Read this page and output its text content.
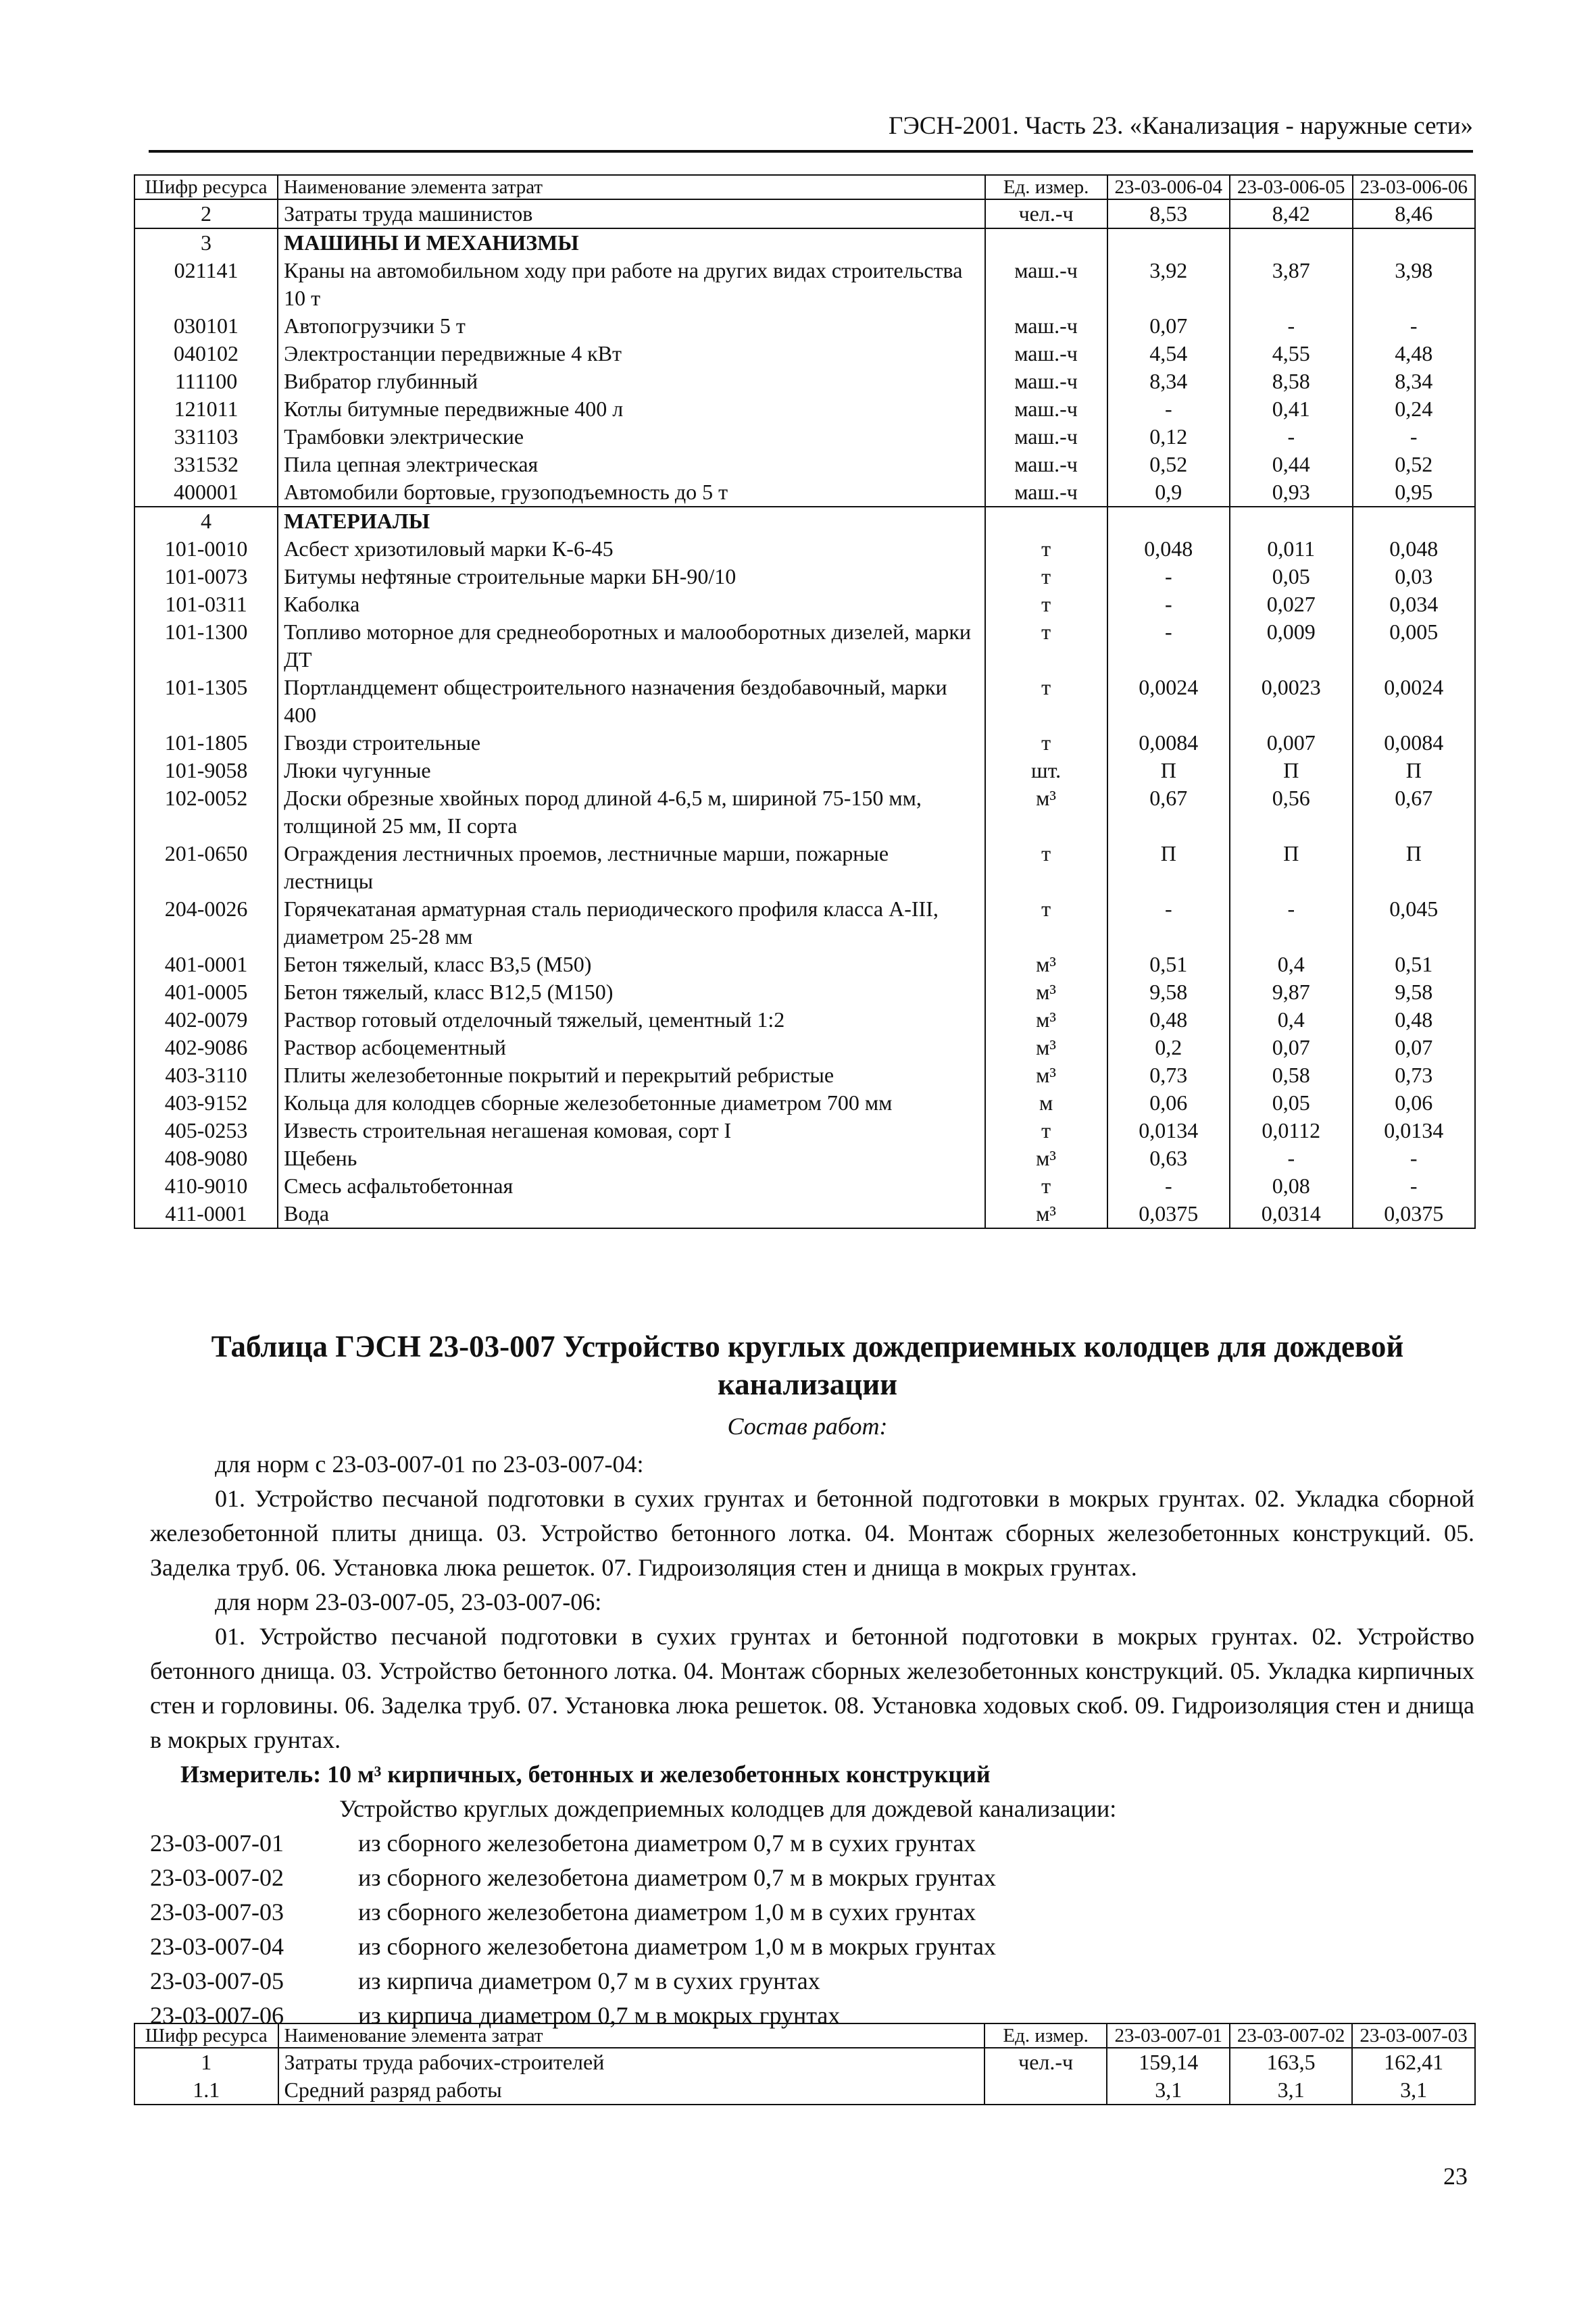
ГЭСН-2001. Часть 23. «Канализация - наружные сети»
Шифр ресурса	Наименование элемента затрат	Ед. измер.	23-03-006-04	23-03-006-05	23-03-006-06
2	Затраты труда машинистов	чел.-ч	8,53	8,42	8,46
3	МАШИНЫ И МЕХАНИЗМЫ				
021141	Краны на автомобильном ходу при работе на других видах строительства 10 т	маш.-ч	3,92	3,87	3,98
030101	Автопогрузчики 5 т	маш.-ч	0,07	-	-
040102	Электростанции передвижные 4 кВт	маш.-ч	4,54	4,55	4,48
111100	Вибратор глубинный	маш.-ч	8,34	8,58	8,34
121011	Котлы битумные передвижные 400 л	маш.-ч	-	0,41	0,24
331103	Трамбовки электрические	маш.-ч	0,12	-	-
331532	Пила цепная электрическая	маш.-ч	0,52	0,44	0,52
400001	Автомобили бортовые, грузоподъемность до 5 т	маш.-ч	0,9	0,93	0,95
4	МАТЕРИАЛЫ				
101-0010	Асбест хризотиловый марки К-6-45	т	0,048	0,011	0,048
101-0073	Битумы нефтяные строительные марки БН-90/10	т	-	0,05	0,03
101-0311	Каболка	т	-	0,027	0,034
101-1300	Топливо моторное для среднеоборотных и малооборотных дизелей, марки ДТ	т	-	0,009	0,005
101-1305	Портландцемент общестроительного назначения бездобавочный, марки 400	т	0,0024	0,0023	0,0024
101-1805	Гвозди строительные	т	0,0084	0,007	0,0084
101-9058	Люки чугунные	шт.	П	П	П
102-0052	Доски обрезные хвойных пород длиной 4-6,5 м, шириной 75-150 мм, толщиной 25 мм, II сорта	м³	0,67	0,56	0,67
201-0650	Ограждения лестничных проемов, лестничные марши, пожарные лестницы	т	П	П	П
204-0026	Горячекатаная арматурная сталь периодического профиля класса А-III, диаметром 25-28 мм	т	-	-	0,045
401-0001	Бетон тяжелый, класс В3,5 (М50)	м³	0,51	0,4	0,51
401-0005	Бетон тяжелый, класс В12,5 (М150)	м³	9,58	9,87	9,58
402-0079	Раствор готовый отделочный тяжелый, цементный 1:2	м³	0,48	0,4	0,48
402-9086	Раствор асбоцементный	м³	0,2	0,07	0,07
403-3110	Плиты железобетонные покрытий и перекрытий ребристые	м³	0,73	0,58	0,73
403-9152	Кольца для колодцев сборные железобетонные диаметром 700 мм	м	0,06	0,05	0,06
405-0253	Известь строительная негашеная комовая, сорт I	т	0,0134	0,0112	0,0134
408-9080	Щебень	м³	0,63	-	-
410-9010	Смесь асфальтобетонная	т	-	0,08	-
411-0001	Вода	м³	0,0375	0,0314	0,0375
Таблица ГЭСН 23-03-007 Устройство круглых дождеприемных колодцев для дождевой канализации
Состав работ:

для норм с 23-03-007-01 по 23-03-007-04:

01. Устройство песчаной подготовки в сухих грунтах и бетонной подготовки в мокрых грунтах. 02. Укладка сборной железобетонной плиты днища. 03. Устройство бетонного лотка. 04. Монтаж сборных железобетонных конструкций. 05. Заделка труб. 06. Установка люка решеток. 07. Гидроизоляция стен и днища в мокрых грунтах.

для норм 23-03-007-05, 23-03-007-06:

01. Устройство песчаной подготовки в сухих грунтах и бетонной подготовки в мокрых грунтах. 02. Устройство бетонного днища. 03. Устройство бетонного лотка. 04. Монтаж сборных железобетонных конструкций. 05. Укладка кирпичных стен и горловины. 06. Заделка труб. 07. Установка люка решеток. 08. Установка ходовых скоб. 09. Гидроизоляция стен и днища в мокрых грунтах.

Измеритель: 10 м³ кирпичных, бетонных и железобетонных конструкций

Устройство круглых дождеприемных колодцев для дождевой канализации:

23-03-007-01	из сборного железобетона диаметром 0,7 м в сухих грунтах
23-03-007-02	из сборного железобетона диаметром 0,7 м в мокрых грунтах
23-03-007-03	из сборного железобетона диаметром 1,0 м в сухих грунтах
23-03-007-04	из сборного железобетона диаметром 1,0 м в мокрых грунтах
23-03-007-05	из кирпича диаметром 0,7 м в сухих грунтах
23-03-007-06	из кирпича диаметром 0,7 м в мокрых грунтах
Шифр ресурса	Наименование элемента затрат	Ед. измер.	23-03-007-01	23-03-007-02	23-03-007-03
1	Затраты труда рабочих-строителей	чел.-ч	159,14	163,5	162,41
1.1	Средний разряд работы		3,1	3,1	3,1
23
